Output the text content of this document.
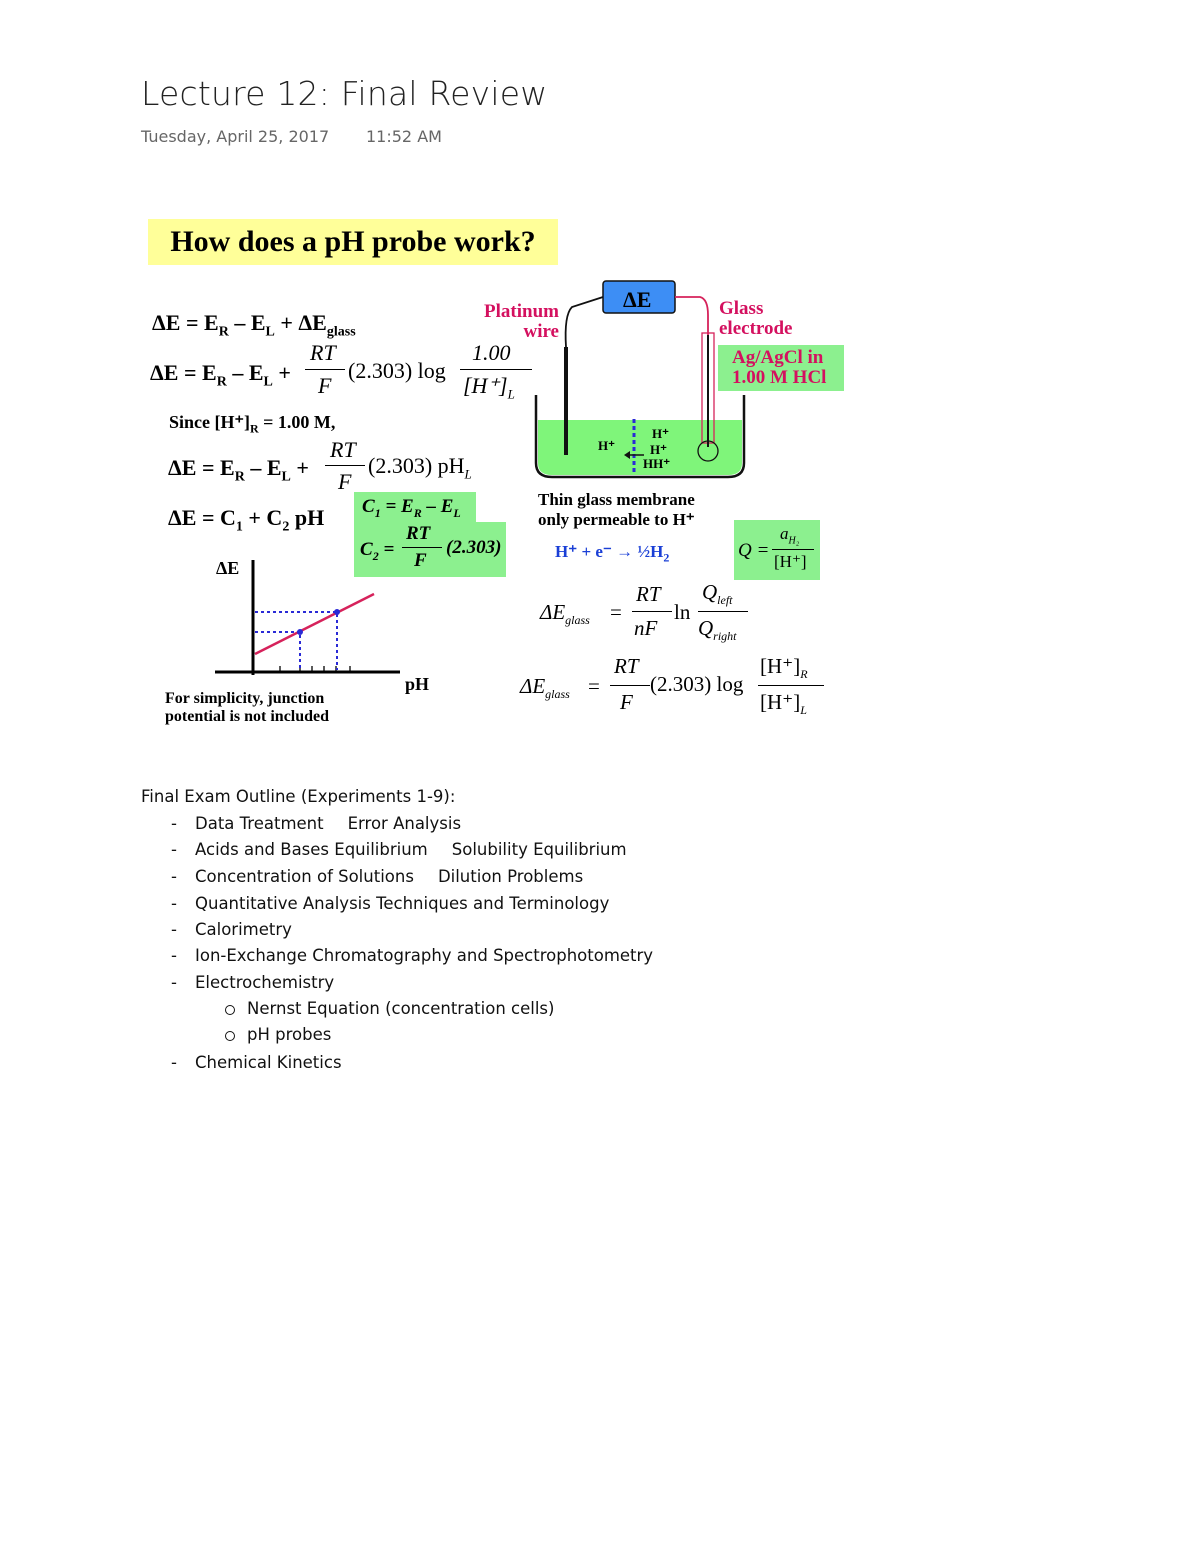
Lecture 12: Final Review
Tuesday, April 25, 2017 11:52 AM
How does a pH probe work?
$\Delta E = E_R - E_L + \Delta E_{glass}$
$\Delta E = E_R - E_L$ +
RT
F
(2.303) log
1.00
$[H^+]_L$
Since $[H^+]_R = 1.00$ M,
$\Delta E = E_R - E_L$ +
RT
F
(2.303) $pH_L$
$\Delta E = C_1 + C_2$ pH $C_1 = E_R - E_L$
$C_2$ =
RT
F
(2.303)
ΔE
pH
For simplicity, junction
potential is not included
ΔE
Platinum
wire
Glass
electrode
Ag/AgCl in
1.00 M HCl
H⁺
H⁺
H⁺
HH⁺
Thin glass membrane
only permeable to H⁺
$H^+ + e^- \to \frac{1}{2}H_2$	Q =
$a_{H_2}$
[H⁺]
$\Delta E_{glass}$ =
RT
nF
ln
$Q_{left}$
$Q_{right}$
$\Delta E_{glass}$ =
RT
F
(2.303) log
$[H^+]_R$
$[H^+]_L$
Final Exam Outline (Experiments 1-9):
- Data Treatment Error Analysis
- Acids and Bases Equilibrium Solubility Equilibrium
- Concentration of Solutions Dilution Problems
- Quantitative Analysis Techniques and Terminology
- Calorimetry
- Ion-Exchange Chromatography and Spectrophotometry
- Electrochemistry
Nernst Equation (concentration cells)
pH probes
- Chemical Kinetics
